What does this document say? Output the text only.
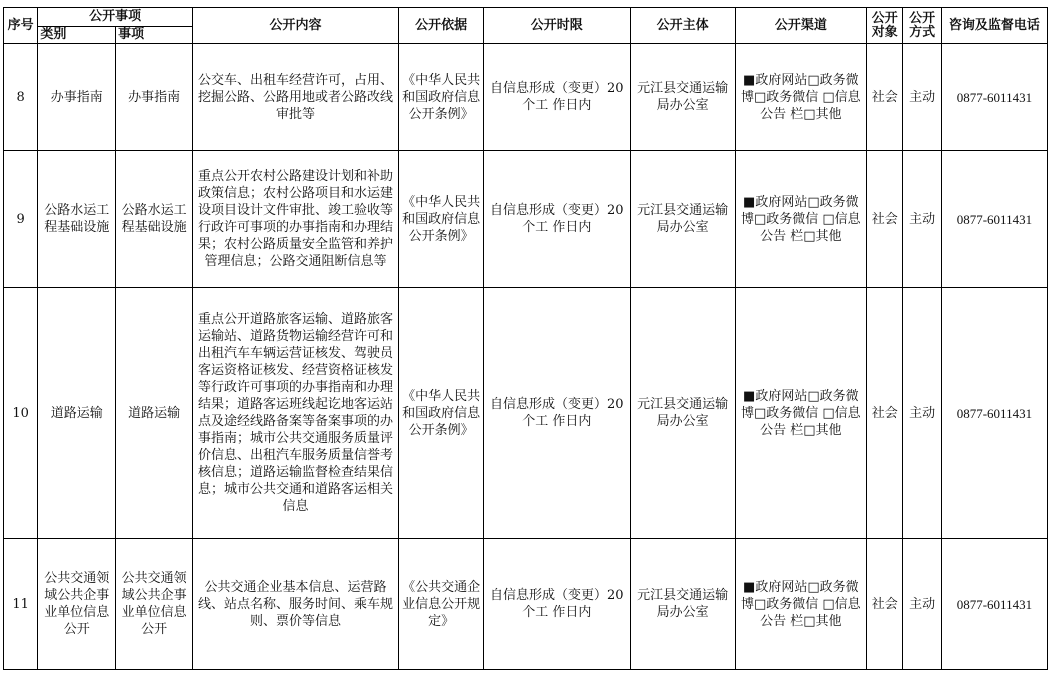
序号	公开事项		公开内容	公开依据	公开时限	公开主体	公开渠道	公开对象	公开方式	咨询及监督电话
	类别	事项								
8	办事指南	办事指南	公交车、出租车经营许可，占用、挖掘公路、公路用地或者公路改线审批等	《中华人民共和国政府信息公开条例》	自信息形成（变更）20 个工 作日内	元江县交通运输局办公室	■政府网站□政务微博□政务微信 □信息公告 栏□其他	社会	主动	0877-6011431
9	公路水运工程基础设施	公路水运工程基础设施	重点公开农村公路建设计划和补助政策信息；农村公路项目和水运建设项目设计文件审批、竣工验收等行政许可事项的办事指南和办理结果；农村公路质量安全监管和养护管理信息；公路交通阻断信息等	《中华人民共和国政府信息公开条例》	自信息形成（变更）20 个工 作日内	元江县交通运输局办公室	■政府网站□政务微博□政务微信 □信息公告 栏□其他	社会	主动	0877-6011431
10	道路运输	道路运输	重点公开道路旅客运输、道路旅客运输站、道路货物运输经营许可和出租汽车车辆运营证核发、驾驶员客运资格证核发、经营资格证核发等行政许可事项的办事指南和办理结果；道路客运班线起讫地客运站点及途经线路备案等备案事项的办事指南；城市公共交通服务质量评价信息、出租汽车服务质量信誉考核信息；道路运输监督检查结果信息；城市公共交通和道路客运相关信息	《中华人民共和国政府信息公开条例》	自信息形成（变更）20 个工 作日内	元江县交通运输局办公室	■政府网站□政务微博□政务微信 □信息公告 栏□其他	社会	主动	0877-6011431
11	公共交通领域公共企事业单位信息公开	公共交通领域公共企事业单位信息公开	公共交通企业基本信息、运营路线、站点名称、服务时间、乘车规则、票价等信息	《公共交通企业信息公开规定》	自信息形成（变更）20 个工 作日内	元江县交通运输局办公室	■政府网站□政务微博□政务微信 □信息公告 栏□其他	社会	主动	0877-6011431
